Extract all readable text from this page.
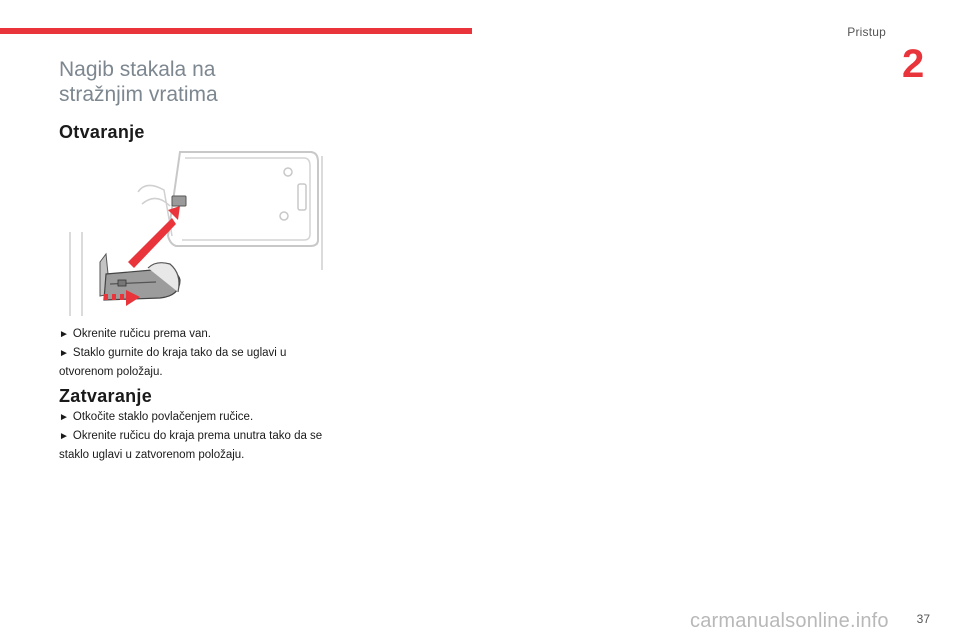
Pristup
2
Nagib stakala na
stražnjim vratima
Otvaranje
► Okrenite ručicu prema van.
► Staklo gurnite do kraja tako da se uglavi u otvorenom položaju.
Zatvaranje
► Otkočite staklo povlačenjem ručice.
► Okrenite ručicu do kraja prema unutra tako da se staklo uglavi u zatvorenom položaju.
carmanualsonline.info 37
